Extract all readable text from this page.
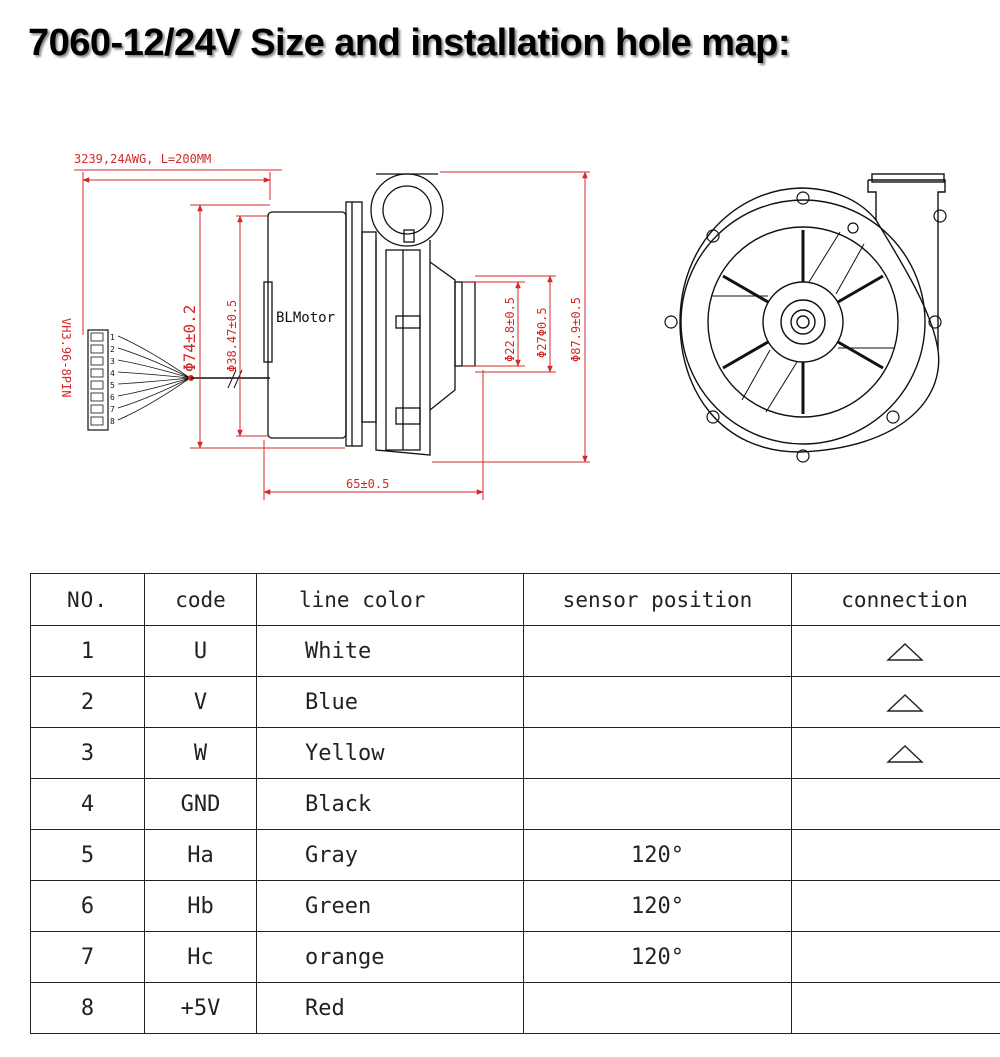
7060-12/24V Size and installation hole map:
3239,24AWG, L=200MM
VH3.96-8PIN	1
2
3
4
5
6
7
8
Φ74±0.2 Φ38.47±0.5	BLMotor
65±0.5
Φ22.8±0.5 Φ27Φ0.5 Φ87.9±0.5
NO.	code	line color	sensor position	connection
1	U	White		
2	V	Blue		
3	W	Yellow		
4	GND	Black		
5	Ha	Gray	120°	
6	Hb	Green	120°	
7	Hc	orange	120°	
8	+5V	Red		
